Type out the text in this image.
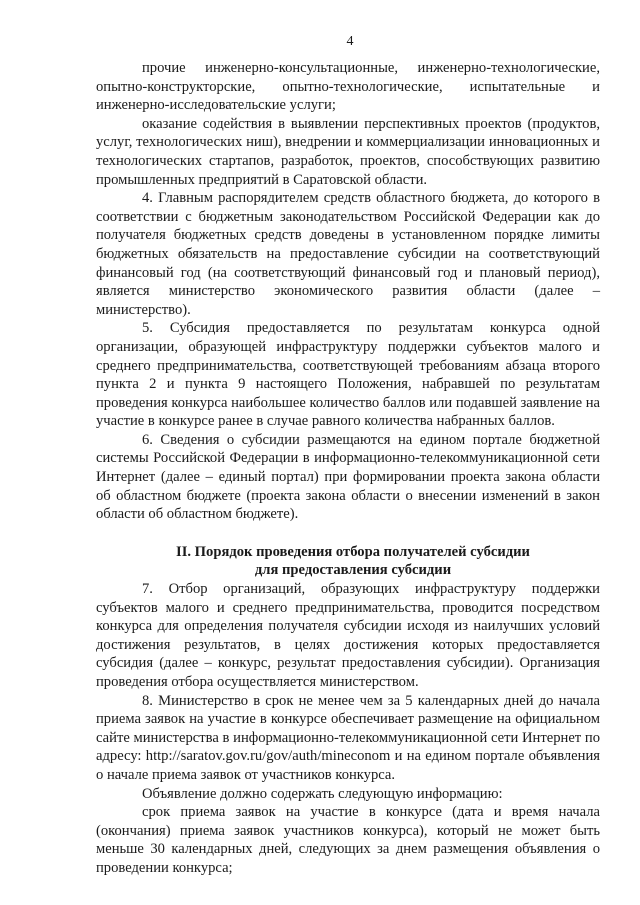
4

прочие инженерно-консультационные, инженерно-технологические, опытно-конструкторские, опытно-технологические, испытательные и инженерно-исследовательские услуги;

оказание содействия в выявлении перспективных проектов (продуктов, услуг, технологических ниш), внедрении и коммерциализации инновационных и технологических стартапов, разработок, проектов, способствующих развитию промышленных предприятий в Саратовской области.

4. Главным распорядителем средств областного бюджета, до которого в соответствии с бюджетным законодательством Российской Федерации как до получателя бюджетных средств доведены в установленном порядке лимиты бюджетных обязательств на предоставление субсидии на соответствующий финансовый год (на соответствующий финансовый год и плановый период), является министерство экономического развития области (далее – министерство).

5. Субсидия предоставляется по результатам конкурса одной организации, образующей инфраструктуру поддержки субъектов малого и среднего предпринимательства, соответствующей требованиям абзаца второго пункта 2 и пункта 9 настоящего Положения, набравшей по результатам проведения конкурса наибольшее количество баллов или подавшей заявление на участие в конкурсе ранее в случае равного количества набранных баллов.

6. Сведения о субсидии размещаются на едином портале бюджетной системы Российской Федерации в информационно-телекоммуникационной сети Интернет (далее – единый портал) при формировании проекта закона области об областном бюджете (проекта закона области о внесении изменений в закон области об областном бюджете).

II. Порядок проведения отбора получателей субсидии
для предоставления субсидии

7. Отбор организаций, образующих инфраструктуру поддержки субъектов малого и среднего предпринимательства, проводится посредством конкурса для определения получателя субсидии исходя из наилучших условий достижения результатов, в целях достижения которых предоставляется субсидия (далее – конкурс, результат предоставления субсидии). Организация проведения отбора осуществляется министерством.

8. Министерство в срок не менее чем за 5 календарных дней до начала приема заявок на участие в конкурсе обеспечивает размещение на официальном сайте министерства в информационно-телекоммуникационной сети Интернет по адресу: http://saratov.gov.ru/gov/auth/mineconom и на едином портале объявления о начале приема заявок от участников конкурса.

Объявление должно содержать следующую информацию:

срок приема заявок на участие в конкурсе (дата и время начала (окончания) приема заявок участников конкурса), который не может быть меньше 30 календарных дней, следующих за днем размещения объявления о проведении конкурса;
